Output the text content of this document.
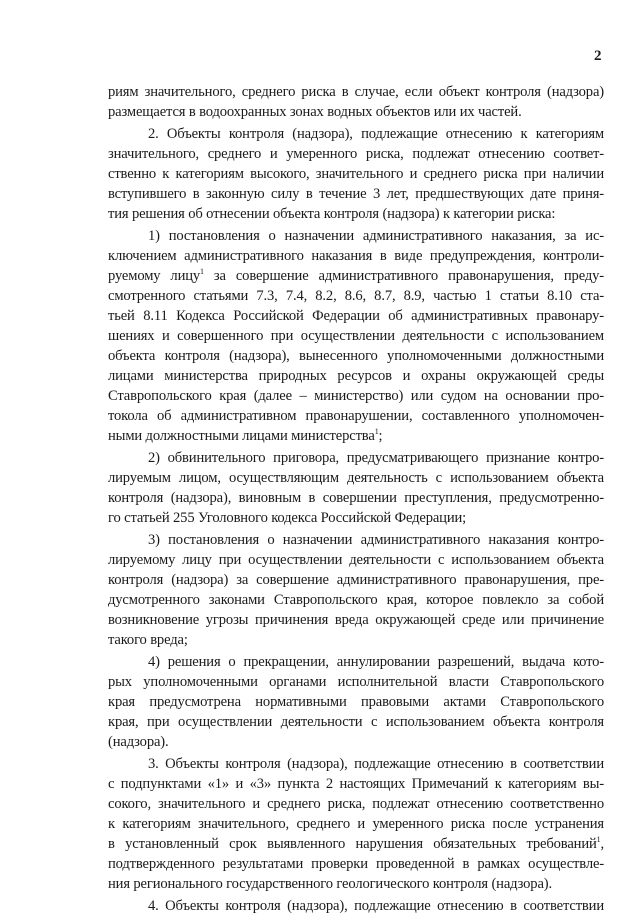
2
риям значительного, среднего риска в случае, если объект контроля (надзора)
размещается в водоохранных зонах водных объектов или их частей.
2. Объекты контроля (надзора), подлежащие отнесению к категориям
значительного, среднего и умеренного риска, подлежат отнесению соответ-
ственно к категориям высокого, значительного и среднего риска при наличии
вступившего в законную силу в течение 3 лет, предшествующих дате приня-
тия решения об отнесении объекта контроля (надзора) к категории риска:
1) постановления о назначении административного наказания, за ис-
ключением административного наказания в виде предупреждения, контроли-
руемому лицу$^1$ за совершение административного правонарушения, преду-
смотренного статьями 7.3, 7.4, 8.2, 8.6, 8.7, 8.9, частью 1 статьи 8.10 ста-
тьей 8.11 Кодекса Российской Федерации об административных правонару-
шениях и совершенного при осуществлении деятельности с использованием
объекта контроля (надзора), вынесенного уполномоченными должностными
лицами министерства природных ресурсов и охраны окружающей среды
Ставропольского края (далее – министерство) или судом на основании про-
токола об административном правонарушении, составленного уполномочен-
ными должностными лицами министерства$^1$;
2) обвинительного приговора, предусматривающего признание контро-
лируемым лицом, осуществляющим деятельность с использованием объекта
контроля (надзора), виновным в совершении преступления, предусмотренно-
го статьей 255 Уголовного кодекса Российской Федерации;
3) постановления о назначении административного наказания контро-
лируемому лицу при осуществлении деятельности с использованием объекта
контроля (надзора) за совершение административного правонарушения, пре-
дусмотренного законами Ставропольского края, которое повлекло за собой
возникновение угрозы причинения вреда окружающей среде или причинение
такого вреда;
4) решения о прекращении, аннулировании разрешений, выдача кото-
рых уполномоченными органами исполнительной власти Ставропольского
края предусмотрена нормативными правовыми актами Ставропольского
края, при осуществлении деятельности с использованием объекта контроля
(надзора).
3. Объекты контроля (надзора), подлежащие отнесению в соответствии
с подпунктами «1» и «3» пункта 2 настоящих Примечаний к категориям вы-
сокого, значительного и среднего риска, подлежат отнесению соответственно
к категориям значительного, среднего и умеренного риска после устранения
в установленный срок выявленного нарушения обязательных требований$^1$,
подтвержденного результатами проверки проведенной в рамках осуществле-
ния регионального государственного геологического контроля (надзора).
4. Объекты контроля (надзора), подлежащие отнесению в соответствии
